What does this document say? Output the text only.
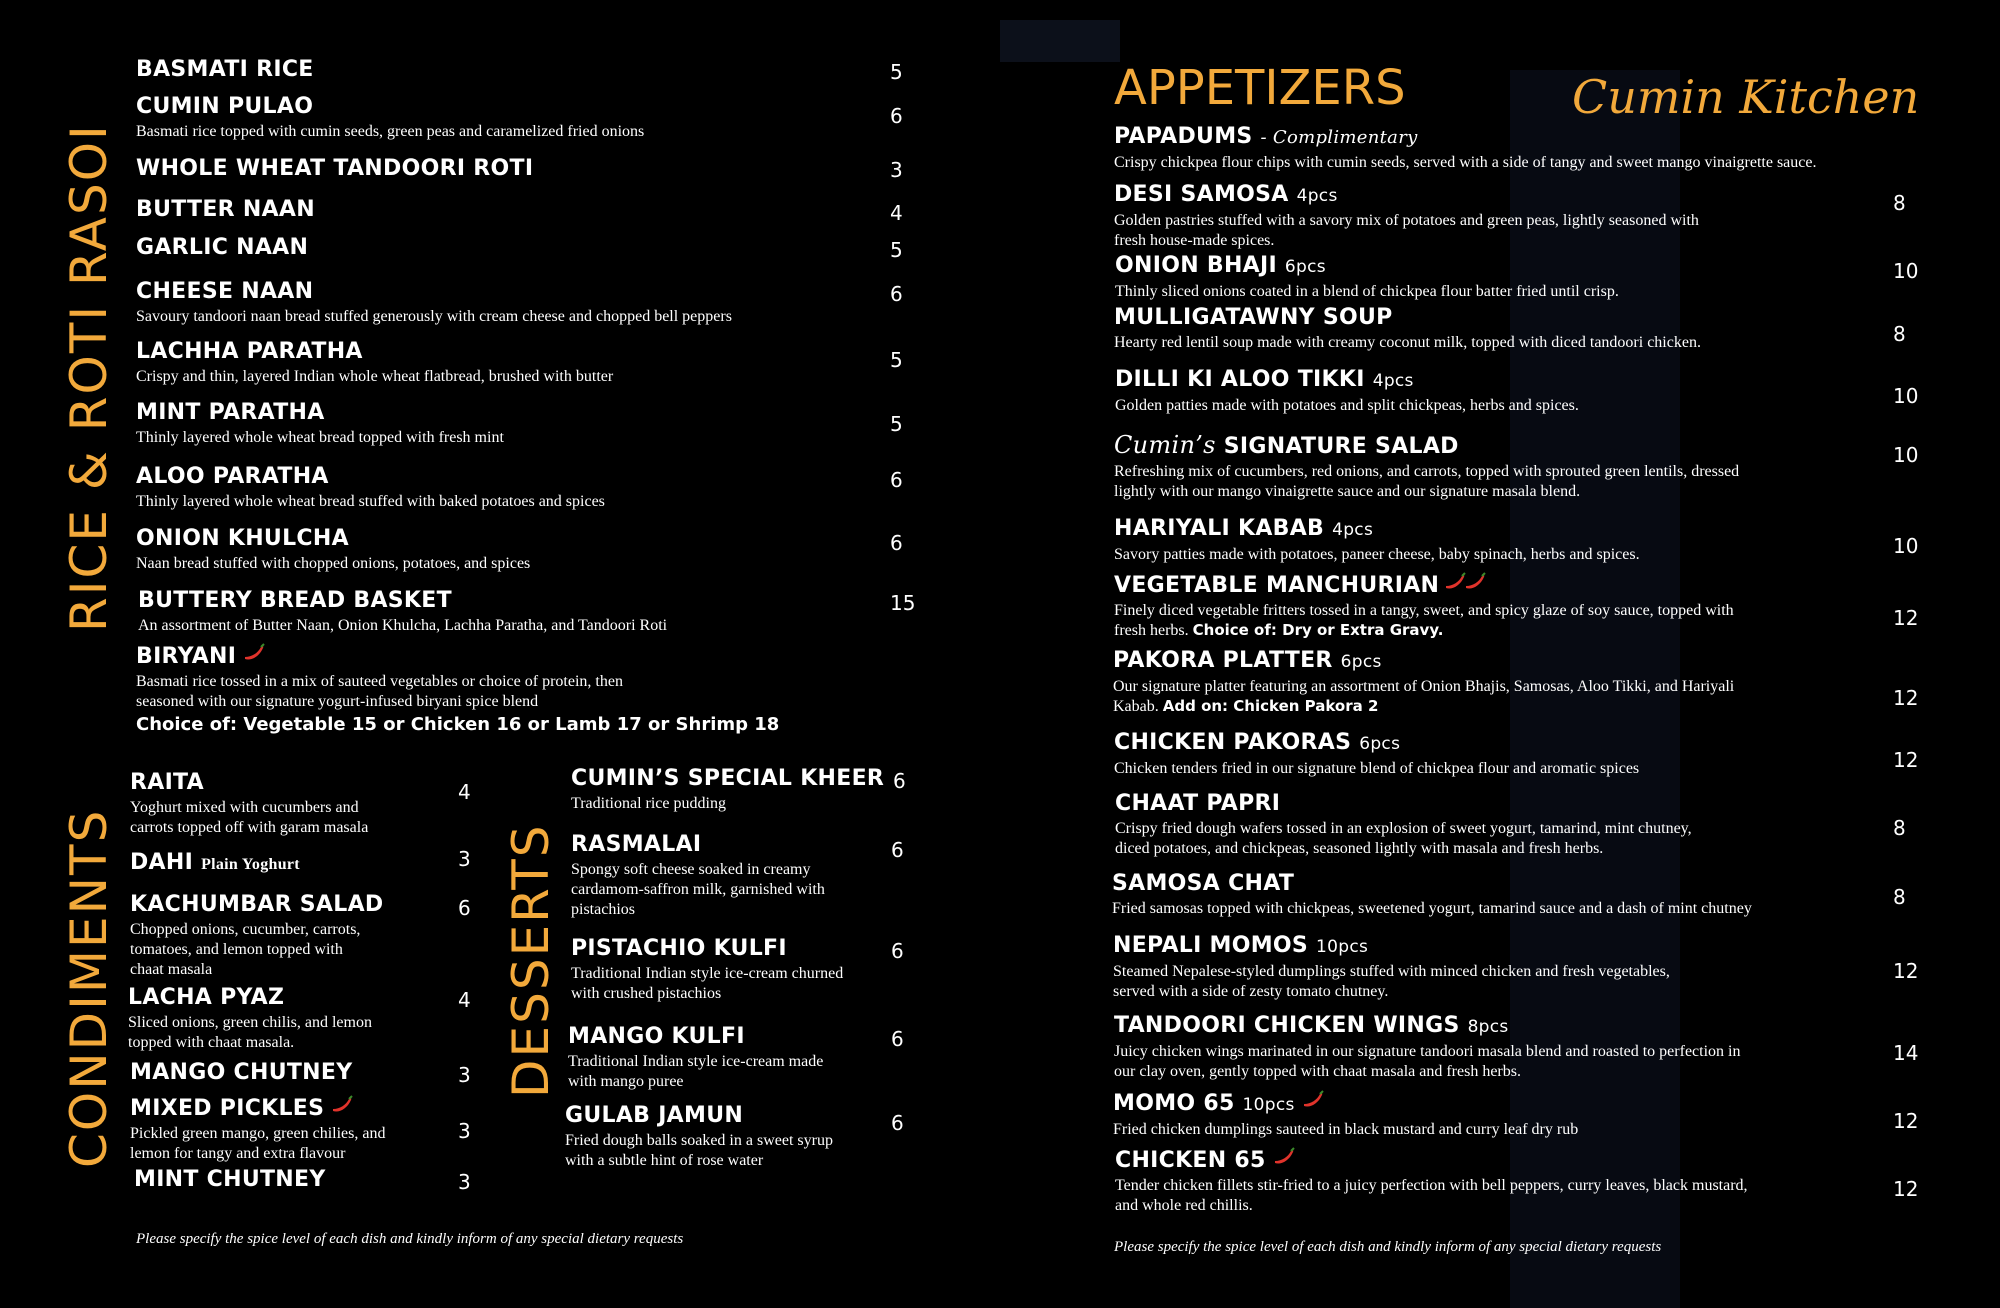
RICE & ROTI RASOI
CONDIMENTS	DESSERTS
BASMATI RICE	5
CUMIN PULAO
Basmati rice topped with cumin seeds, green peas and caramelized fried onions
6
WHOLE WHEAT TANDOORI ROTI	3
BUTTER NAAN	4
GARLIC NAAN	5
CHEESE NAAN
Savoury tandoori naan bread stuffed generously with cream cheese and chopped bell peppers
6
LACHHA PARATHA
Crispy and thin, layered Indian whole wheat flatbread, brushed with butter
5
MINT PARATHA
Thinly layered whole wheat bread topped with fresh mint
5
ALOO PARATHA
Thinly layered whole wheat bread stuffed with baked potatoes and spices
6
ONION KHULCHA
Naan bread stuffed with chopped onions, potatoes, and spices
6
BUTTERY BREAD BASKET
An assortment of Butter Naan, Onion Khulcha, Lachha Paratha, and Tandoori Roti
15
BIRYANI
Basmati rice tossed in a mix of sauteed vegetables or choice of protein, then
seasoned with our signature yogurt-infused biryani spice blend
Choice of: Vegetable 15 or Chicken 16 or Lamb 17 or Shrimp 18
RAITA
Yoghurt mixed with cucumbers and
carrots topped off with garam masala
4
DAHI Plain Yoghurt	3
KACHUMBAR SALAD
Chopped onions, cucumber, carrots,
tomatoes, and lemon topped with
chaat masala
6
LACHA PYAZ
Sliced onions, green chilis, and lemon
topped with chaat masala.
4
MANGO CHUTNEY	3
MIXED PICKLES
Pickled green mango, green chilies, and
lemon for tangy and extra flavour
3
MINT CHUTNEY	3
CUMIN’S SPECIAL KHEER
Traditional rice pudding
6
RASMALAI
Spongy soft cheese soaked in creamy
cardamom-saffron milk, garnished with
pistachios
6
PISTACHIO KULFI
Traditional Indian style ice-cream churned
with crushed pistachios
6
MANGO KULFI
Traditional Indian style ice-cream made
with mango puree
6
GULAB JAMUN
Fried dough balls soaked in a sweet syrup
with a subtle hint of rose water
6
Please specify the spice level of each dish and kindly inform of any special dietary requests
APPETIZERS	Cumin Kitchen
PAPADUMS - Complimentary
Crispy chickpea flour chips with cumin seeds, served with a side of tangy and sweet mango vinaigrette sauce.
DESI SAMOSA 4pcs
Golden pastries stuffed with a savory mix of potatoes and green peas, lightly seasoned with
fresh house-made spices.
8
ONION BHAJI 6pcs
Thinly sliced onions coated in a blend of chickpea flour batter fried until crisp.
10
MULLIGATAWNY SOUP
Hearty red lentil soup made with creamy coconut milk, topped with diced tandoori chicken.	8
DILLI KI ALOO TIKKI 4pcs
Golden patties made with potatoes and split chickpeas, herbs and spices.	10
Cumin’s SIGNATURE SALAD
Refreshing mix of cucumbers, red onions, and carrots, topped with sprouted green lentils, dressed
lightly with our mango vinaigrette sauce and our signature masala blend.
10
HARIYALI KABAB 4pcs
Savory patties made with potatoes, paneer cheese, baby spinach, herbs and spices.	10
VEGETABLE MANCHURIAN
Finely diced vegetable fritters tossed in a tangy, sweet, and spicy glaze of soy sauce, topped with
fresh herbs. Choice of: Dry or Extra Gravy.	12
PAKORA PLATTER 6pcs
Our signature platter featuring an assortment of Onion Bhajis, Samosas, Aloo Tikki, and Hariyali
Kabab. Add on: Chicken Pakora 2	12
CHICKEN PAKORAS 6pcs
Chicken tenders fried in our signature blend of chickpea flour and aromatic spices	12
CHAAT PAPRI
Crispy fried dough wafers tossed in an explosion of sweet yogurt, tamarind, mint chutney,
diced potatoes, and chickpeas, seasoned lightly with masala and fresh herbs.
8
SAMOSA CHAT
Fried samosas topped with chickpeas, sweetened yogurt, tamarind sauce and a dash of mint chutney	8
NEPALI MOMOS 10pcs
Steamed Nepalese-styled dumplings stuffed with minced chicken and fresh vegetables,
served with a side of zesty tomato chutney.
12
TANDOORI CHICKEN WINGS 8pcs
Juicy chicken wings marinated in our signature tandoori masala blend and roasted to perfection in
our clay oven, gently topped with chaat masala and fresh herbs.
14
MOMO 65 10pcs
Fried chicken dumplings sauteed in black mustard and curry leaf dry rub	12
CHICKEN 65
Tender chicken fillets stir-fried to a juicy perfection with bell peppers, curry leaves, black mustard,
and whole red chillis.
12
Please specify the spice level of each dish and kindly inform of any special dietary requests
